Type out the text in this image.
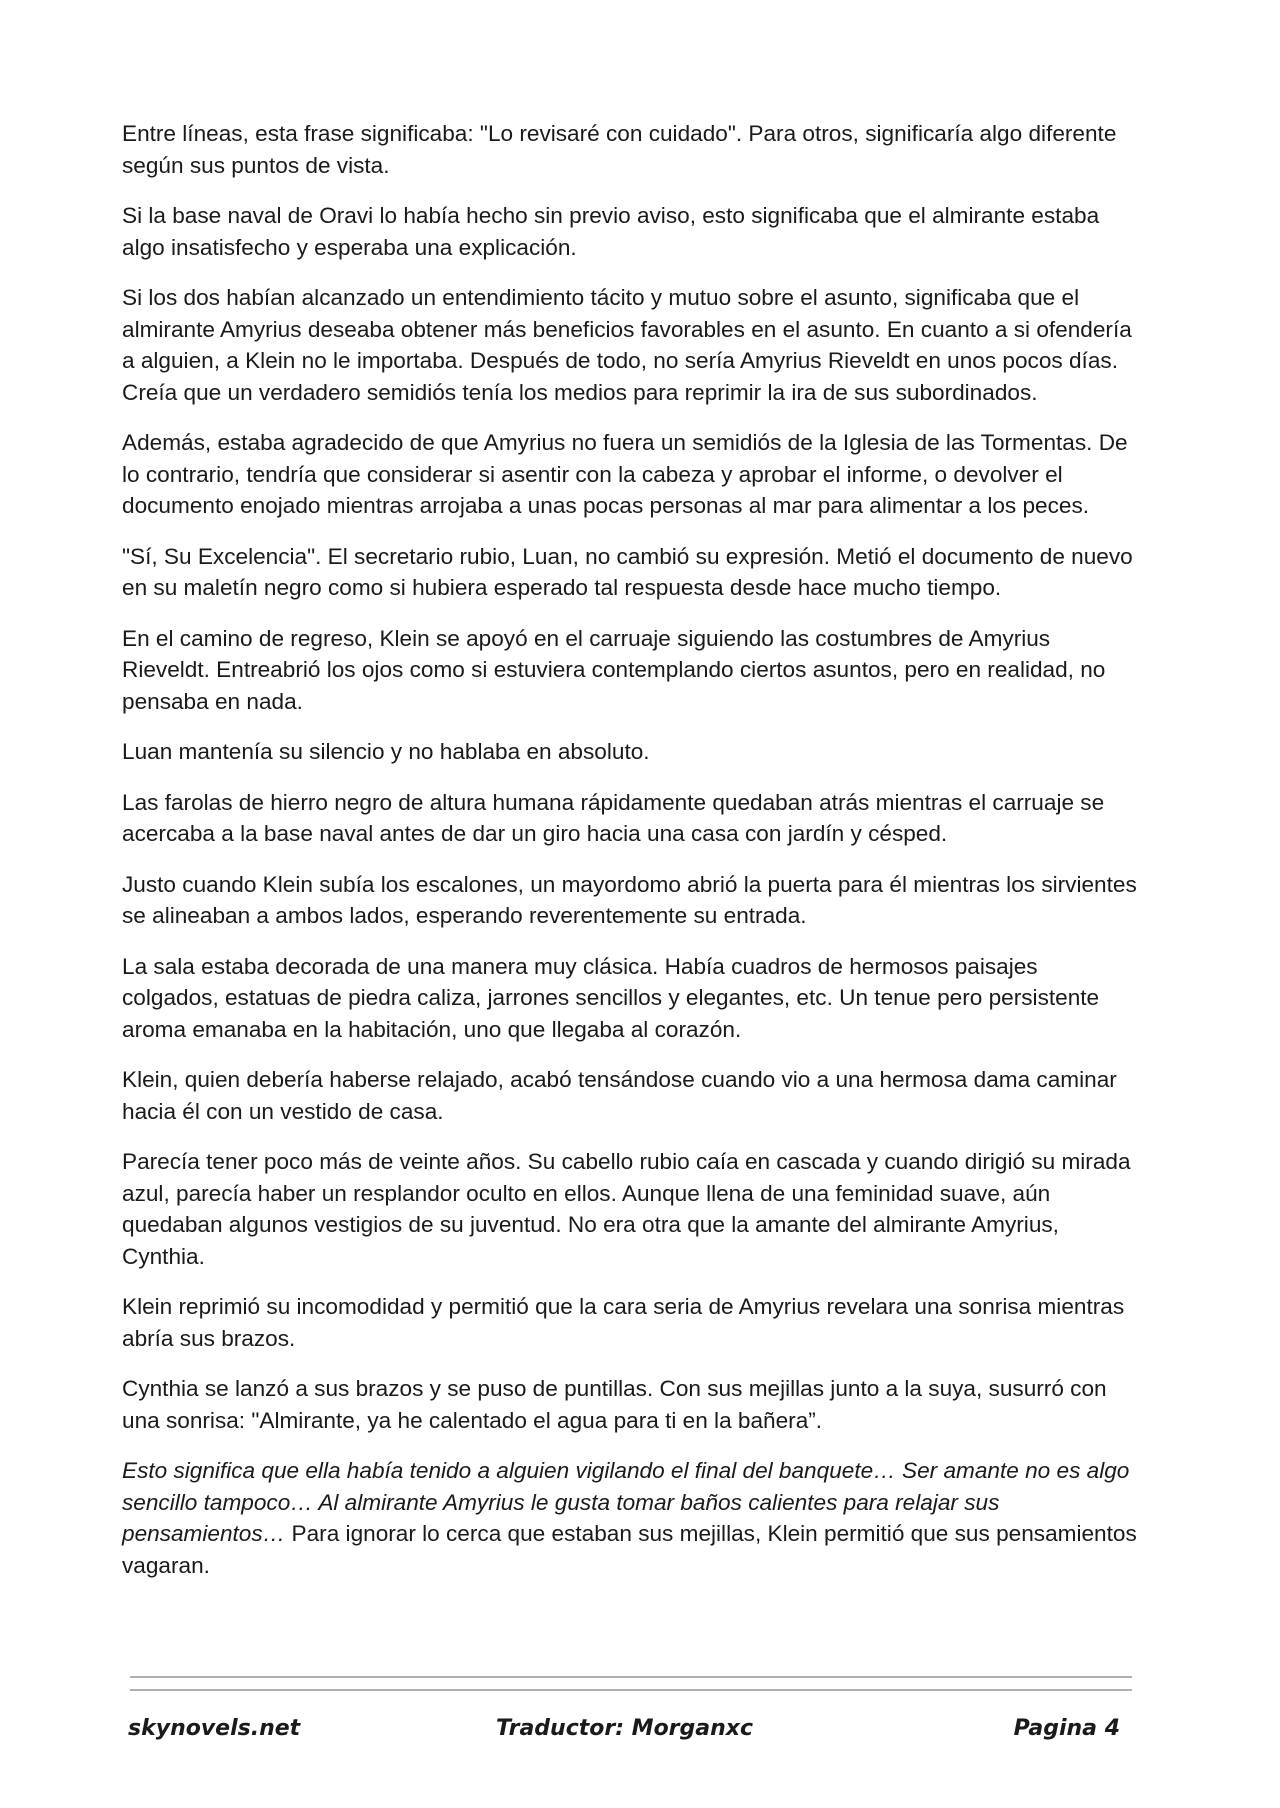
Entre líneas, esta frase significaba: "Lo revisaré con cuidado". Para otros, significaría algo diferente según sus puntos de vista.

Si la base naval de Oravi lo había hecho sin previo aviso, esto significaba que el almirante estaba algo insatisfecho y esperaba una explicación.

Si los dos habían alcanzado un entendimiento tácito y mutuo sobre el asunto, significaba que el almirante Amyrius deseaba obtener más beneficios favorables en el asunto. En cuanto a si ofendería a alguien, a Klein no le importaba. Después de todo, no sería Amyrius Rieveldt en unos pocos días. Creía que un verdadero semidiós tenía los medios para reprimir la ira de sus subordinados.

Además, estaba agradecido de que Amyrius no fuera un semidiós de la Iglesia de las Tormentas. De lo contrario, tendría que considerar si asentir con la cabeza y aprobar el informe, o devolver el documento enojado mientras arrojaba a unas pocas personas al mar para alimentar a los peces.

"Sí, Su Excelencia". El secretario rubio, Luan, no cambió su expresión. Metió el documento de nuevo en su maletín negro como si hubiera esperado tal respuesta desde hace mucho tiempo.

En el camino de regreso, Klein se apoyó en el carruaje siguiendo las costumbres de Amyrius Rieveldt. Entreabrió los ojos como si estuviera contemplando ciertos asuntos, pero en realidad, no pensaba en nada.

Luan mantenía su silencio y no hablaba en absoluto.

Las farolas de hierro negro de altura humana rápidamente quedaban atrás mientras el carruaje se acercaba a la base naval antes de dar un giro hacia una casa con jardín y césped.

Justo cuando Klein subía los escalones, un mayordomo abrió la puerta para él mientras los sirvientes se alineaban a ambos lados, esperando reverentemente su entrada.

La sala estaba decorada de una manera muy clásica. Había cuadros de hermosos paisajes colgados, estatuas de piedra caliza, jarrones sencillos y elegantes, etc. Un tenue pero persistente aroma emanaba en la habitación, uno que llegaba al corazón.

Klein, quien debería haberse relajado, acabó tensándose cuando vio a una hermosa dama caminar hacia él con un vestido de casa.

Parecía tener poco más de veinte años. Su cabello rubio caía en cascada y cuando dirigió su mirada azul, parecía haber un resplandor oculto en ellos. Aunque llena de una feminidad suave, aún quedaban algunos vestigios de su juventud. No era otra que la amante del almirante Amyrius, Cynthia.

Klein reprimió su incomodidad y permitió que la cara seria de Amyrius revelara una sonrisa mientras abría sus brazos.

Cynthia se lanzó a sus brazos y se puso de puntillas. Con sus mejillas junto a la suya, susurró con una sonrisa: "Almirante, ya he calentado el agua para ti en la bañera”.

Esto significa que ella había tenido a alguien vigilando el final del banquete… Ser amante no es algo sencillo tampoco… Al almirante Amyrius le gusta tomar baños calientes para relajar sus pensamientos… Para ignorar lo cerca que estaban sus mejillas, Klein permitió que sus pensamientos vagaran.

skynovels.net	Traductor: Morganxc	Pagina 4
